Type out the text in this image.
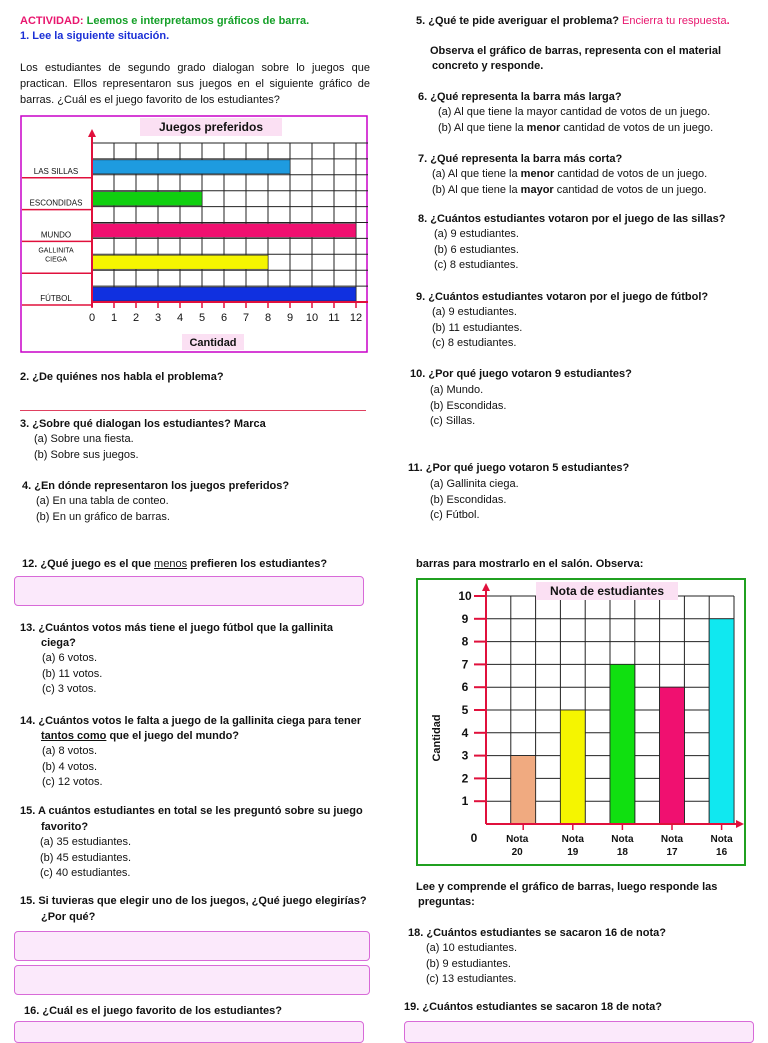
ACTIVIDAD: Leemos e interpretamos gráficos de barra.
1. Lee la siguiente situación.
Los estudiantes de segundo grado dialogan sobre lo juegos que practican. Ellos representaron sus juegos en el siguiente gráfico de barras. ¿Cuál es el juego favorito de los estudiantes?
Juegos preferidos
LAS SILLAS
ESCONDIDAS
MUNDO
GALLINITA
CIEGA
FÚTBOL
0 1 2 3 4 5 6 7 8 9 10 11 12
Cantidad
2. ¿De quiénes nos habla el problema?
3. ¿Sobre qué dialogan los estudiantes? Marca
(a) Sobre una fiesta.
(b) Sobre sus juegos.
4. ¿En dónde representaron los juegos preferidos?
(a) En una tabla de conteo.
(b) En un gráfico de barras.
12. ¿Qué juego es el que menos prefieren los estudiantes?
13. ¿Cuántos votos más tiene el juego fútbol que la gallinita
ciega?
(a) 6 votos.
(b) 11 votos.
(c) 3 votos.
14. ¿Cuántos votos le falta a juego de la gallinita ciega para tener
tantos como que el juego del mundo?
(a) 8 votos.
(b) 4 votos.
(c) 12 votos.
15. A cuántos estudiantes en total se les preguntó sobre su juego
favorito?
(a) 35 estudiantes.
(b) 45 estudiantes.
(c) 40 estudiantes.
15. Si tuvieras que elegir uno de los juegos, ¿Qué juego elegirías?
¿Por qué?
16. ¿Cuál es el juego favorito de los estudiantes?
5. ¿Qué te pide averiguar el problema? Encierra tu respuesta.
Observa el gráfico de barras, representa con el material
concreto y responde.
6. ¿Qué representa la barra más larga?
(a) Al que tiene la mayor cantidad de votos de un juego.
(b) Al que tiene la menor cantidad de votos de un juego.
7. ¿Qué representa la barra más corta?
(a) Al que tiene la menor cantidad de votos de un juego.
(b) Al que tiene la mayor cantidad de votos de un juego.
8. ¿Cuántos estudiantes votaron por el juego de las sillas?
(a) 9 estudiantes.
(b) 6 estudiantes.
(c) 8 estudiantes.
9. ¿Cuántos estudiantes votaron por el juego de fútbol?
(a) 9 estudiantes.
(b) 11 estudiantes.
(c) 8 estudiantes.
10. ¿Por qué juego votaron 9 estudiantes?
(a) Mundo.
(b) Escondidas.
(c) Sillas.
11. ¿Por qué juego votaron 5 estudiantes?
(a) Gallinita ciega.
(b) Escondidas.
(c) Fútbol.
barras para mostrarlo en el salón. Observa:
Nota de estudiantes
Nota
20
Nota
19
Nota
18
Nota
17
Nota
16
0
1
2
3
4
5
6
7
8
9
10
Cantidad
Lee y comprende el gráfico de barras, luego responde las
preguntas:
18. ¿Cuántos estudiantes se sacaron 16 de nota?
(a) 10 estudiantes.
(b) 9 estudiantes.
(c) 13 estudiantes.
19. ¿Cuántos estudiantes se sacaron 18 de nota?
